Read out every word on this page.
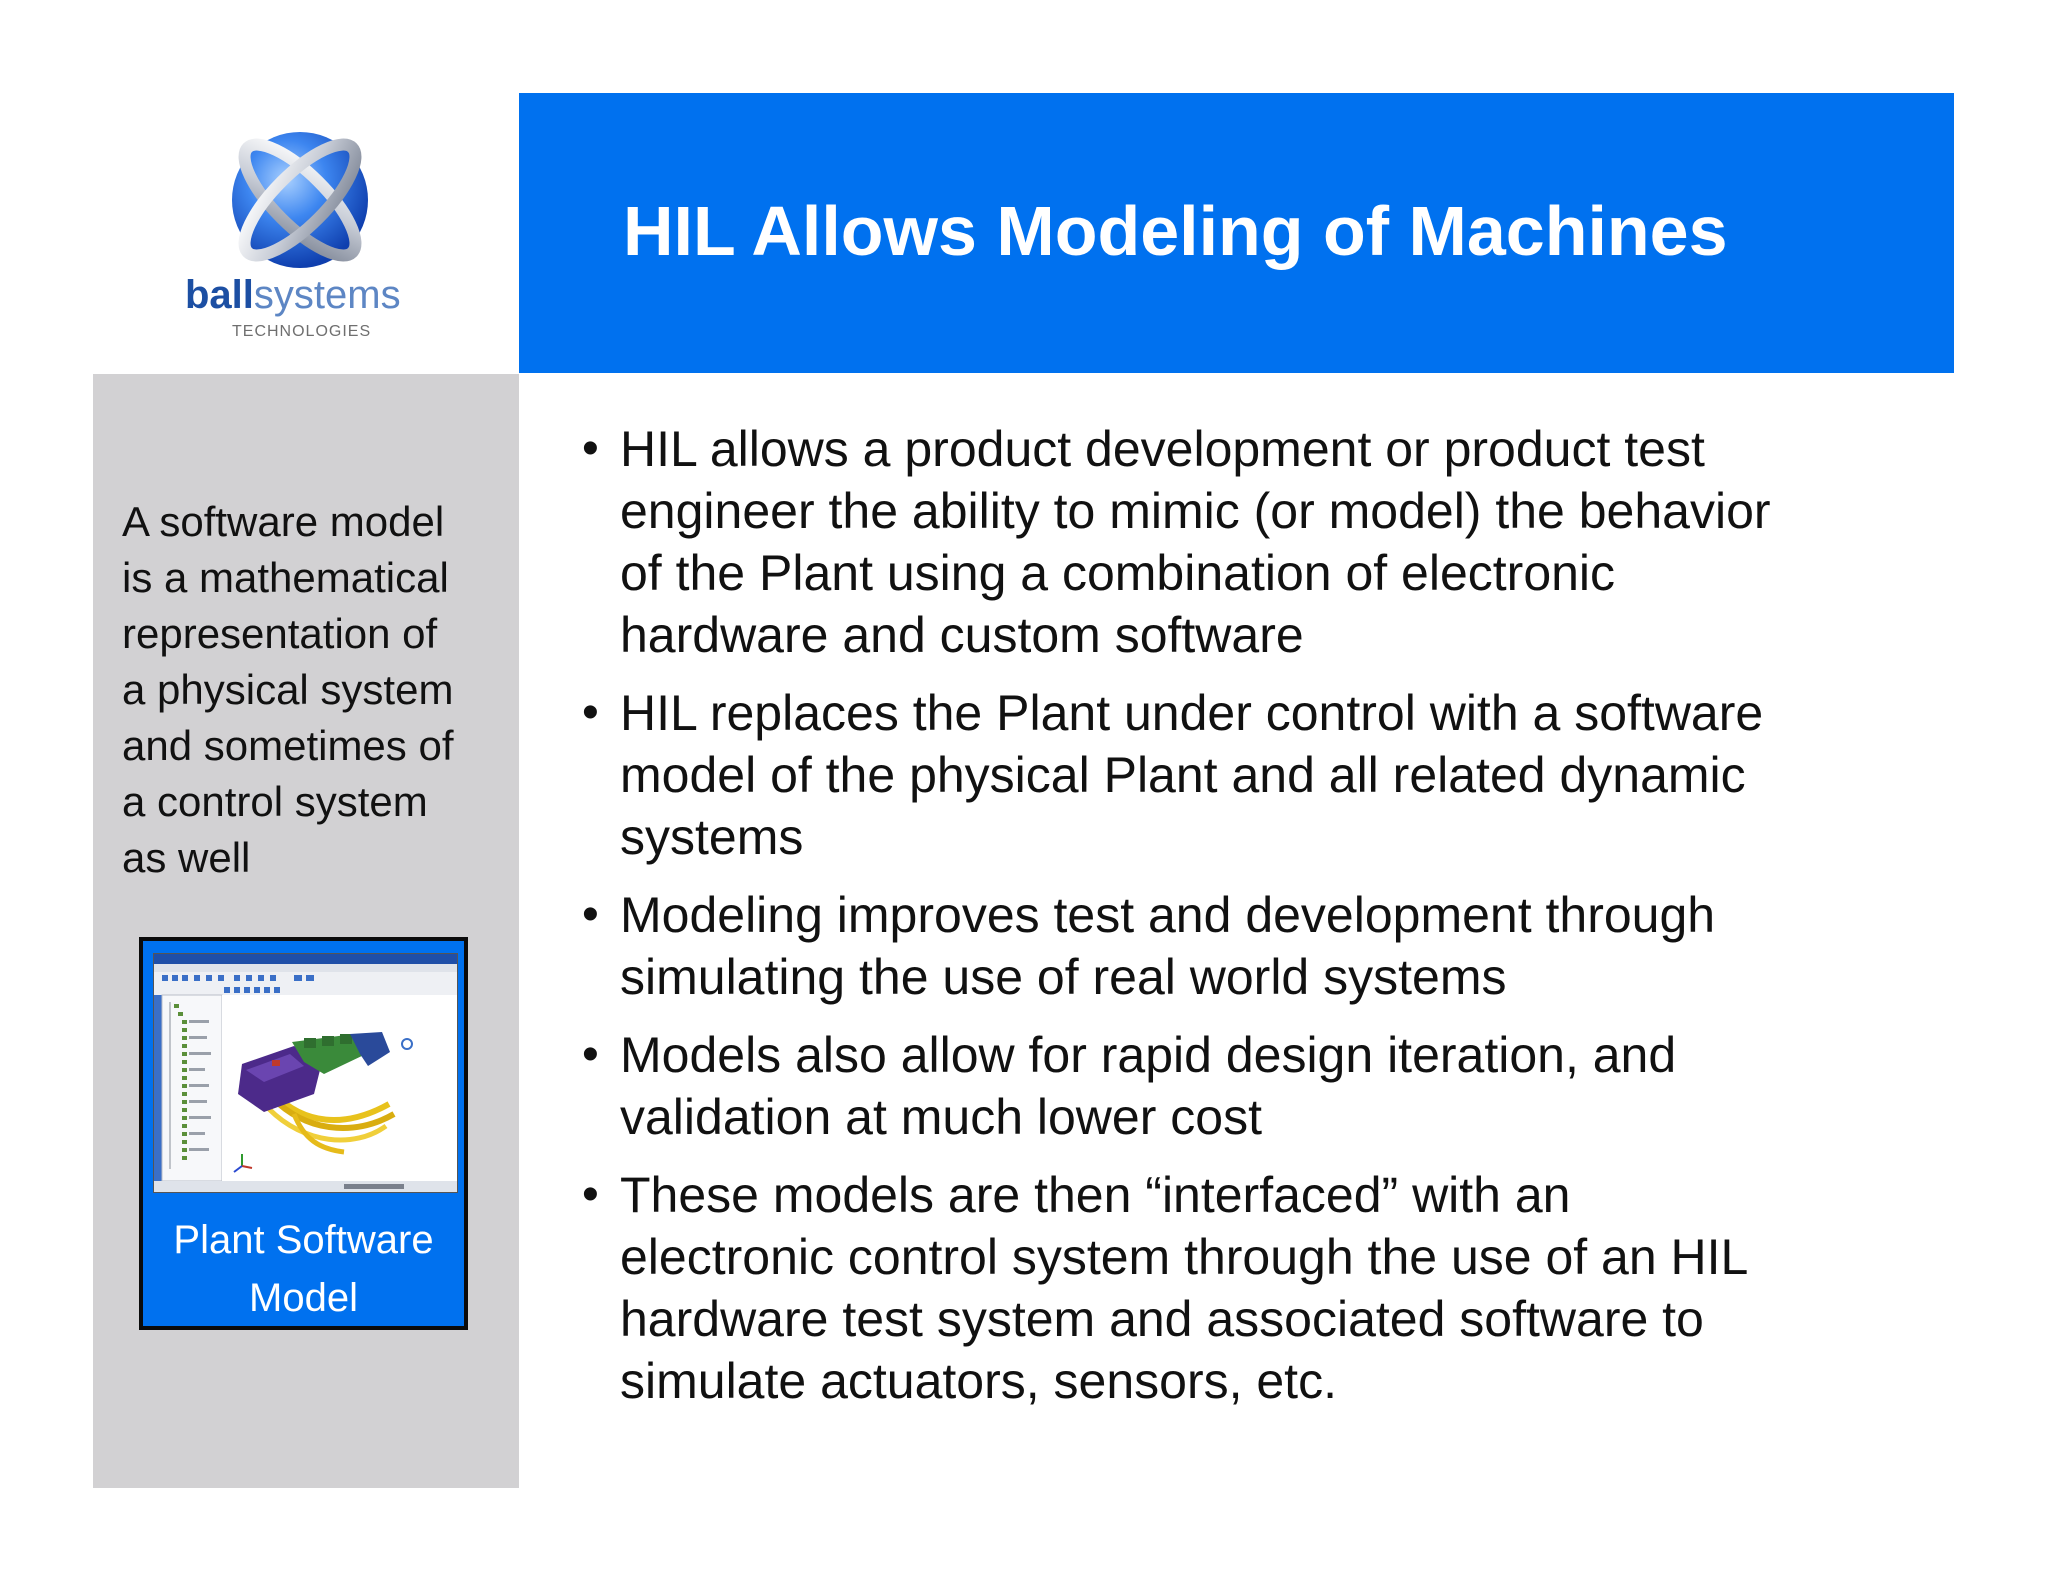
ballsystems
TECHNOLOGIES
HIL Allows Modeling of Machines

A software model
is a mathematical
representation of
a physical system
and sometimes of
a control system
as well

Plant Software
Model
• HIL allows a product development or product test
engineer the ability to mimic (or model) the behavior
of the Plant using a combination of electronic
hardware and custom software
• HIL replaces the Plant under control with a software
model of the physical Plant and all related dynamic
systems
• Modeling improves test and development through
simulating the use of real world systems
• Models also allow for rapid design iteration, and
validation at much lower cost
• These models are then “interfaced” with an
electronic control system through the use of an HIL
hardware test system and associated software to
simulate actuators, sensors, etc.
